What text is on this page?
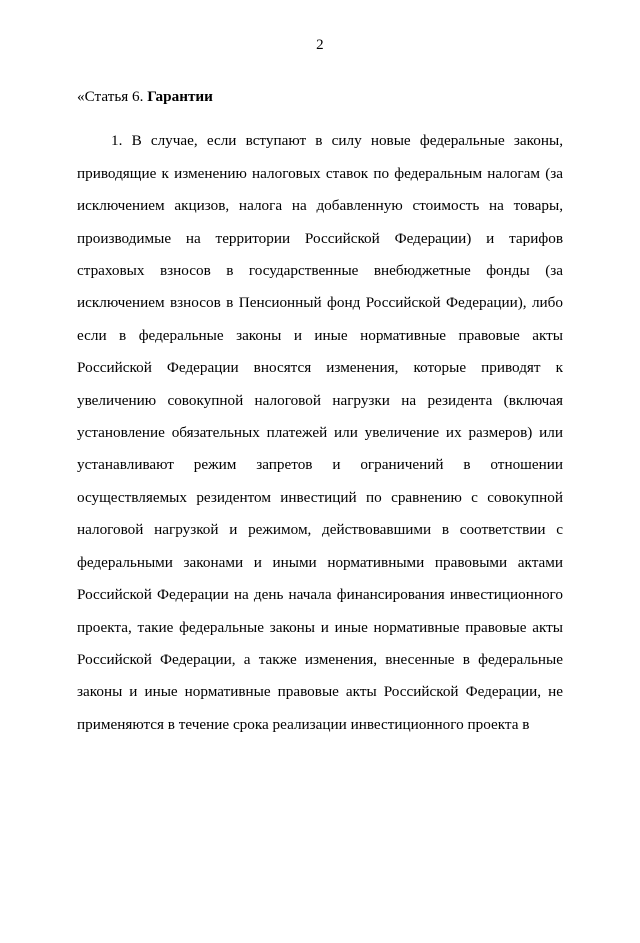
2

«Статья 6. Гарантии

1. В случае, если вступают в силу новые федеральные законы, приводящие к изменению налоговых ставок по федеральным налогам (за исключением акцизов, налога на добавленную стоимость на товары, производимые на территории Российской Федерации) и тарифов страховых взносов в государственные внебюджетные фонды (за исключением взносов в Пенсионный фонд Российской Федерации), либо если в федеральные законы и иные нормативные правовые акты Российской Федерации вносятся изменения, которые приводят к увеличению совокупной налоговой нагрузки на резидента (включая установление обязательных платежей или увеличение их размеров) или устанавливают режим запретов и ограничений в отношении осуществляемых резидентом инвестиций по сравнению с совокупной налоговой нагрузкой и режимом, действовавшими в соответствии с федеральными законами и иными нормативными правовыми актами Российской Федерации на день начала финансирования инвестиционного проекта, такие федеральные законы и иные нормативные правовые акты Российской Федерации, а также изменения, внесенные в федеральные законы и иные нормативные правовые акты Российской Федерации, не применяются в течение срока реализации инвестиционного проекта в
